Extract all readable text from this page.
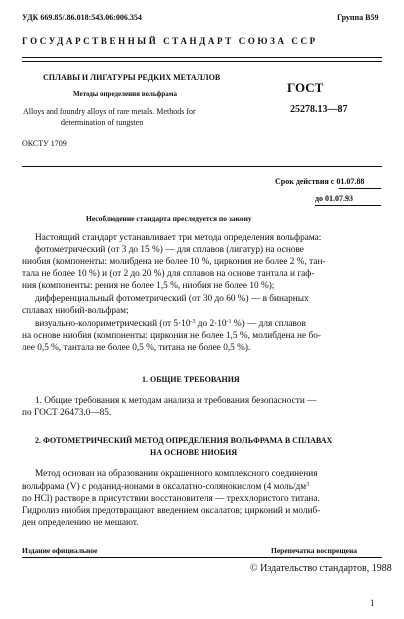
УДК 669.85/.86.018:543.06:006.354	Группа В59
ГОСУДАРСТВЕННЫЙ СТАНДАРТ СОЮЗА ССР
СПЛАВЫ И ЛИГАТУРЫ РЕДКИХ МЕТАЛЛОВ
Методы определения вольфрама
Alloys and foundry alloys of rare metals. Methods for
determination of tungsten
ГОСТ
25278.13—87
ОКСТУ 1709
Срок действия с 01.07.88
до 01.07.93
Несоблюдение стандарта преследуется по закону
Настоящий стандарт устанавливает три метода определения вольфрама:
фотометрический (от 3 до 15 %) — для сплавов (лигатур) на основе
ниобия (компоненты: молибдена не более 10 %, циркония не более 2 %, тан-
тала не более 10 %) и (от 2 до 20 %) для сплавов на основе тантала и гаф-
ния (компоненты: рения не более 1,5 %, ниобия не более 10 %);
дифференциальный фотометрический (от 30 до 60 %) — в бинарных
сплавах ниобий-вольфрам;
визуально-колориметрический (от $5\cdot 10^{-3}$ до $2\cdot 10^{-1}$ %) — для сплавов
на основе ниобия (компоненты: циркония не более 1,5 %, молибдена не бо-
лее 0,5 %, тантала не более 0,5 %, титана не более 0,5 %).
1. ОБЩИЕ ТРЕБОВАНИЯ
1. Общие требования к методам анализа и требования безопасности —
по ГОСТ 26473.0—85.
2. ФОТОМЕТРИЧЕСКИЙ МЕТОД ОПРЕДЕЛЕНИЯ ВОЛЬФРАМА В СПЛАВАХ
НА ОСНОВЕ НИОБИЯ
Метод основан на образовании окрашенного комплексного соединения
вольфрама (V) с роданид-ионами в оксалатно-солянокислом (4 моль/$дм^3$
по HCl) растворе в присутствии восстановителя — треххлористого титана.
Гидролиз ниобия предотвращают введением оксалатов; цирконий и молиб-
ден определению не мешают.
Издание официальное	Перепечатка воспрещена
© Издательство стандартов, 1988
1
